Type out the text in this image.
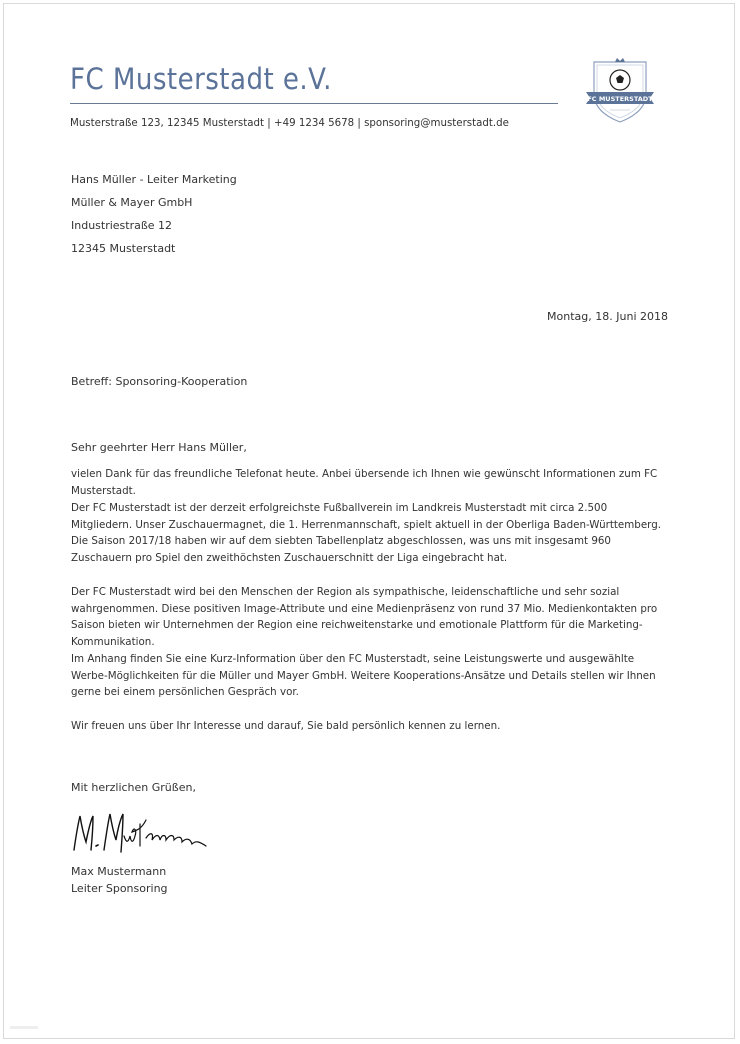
FC Musterstadt e.V.
Musterstraße 123, 12345 Musterstadt | +49 1234 5678 | sponsoring@musterstadt.de
FC MUSTERSTADT
Hans Müller - Leiter Marketing
Müller & Mayer GmbH
Industriestraße 12
12345 Musterstadt
Montag, 18. Juni 2018
Betreff: Sponsoring-Kooperation
Sehr geehrter Herr Hans Müller,

vielen Dank für das freundliche Telefonat heute. Anbei übersende ich Ihnen wie gewünscht Informationen zum FC Musterstadt.

Der FC Musterstadt ist der derzeit erfolgreichste Fußballverein im Landkreis Musterstadt mit circa 2.500 Mitgliedern. Unser Zuschauermagnet, die 1. Herrenmannschaft, spielt aktuell in der Oberliga Baden-Württemberg. Die Saison 2017/18 haben wir auf dem siebten Tabellenplatz abgeschlossen, was uns mit insgesamt 960 Zuschauern pro Spiel den zweithöchsten Zuschauerschnitt der Liga eingebracht hat.

Der FC Musterstadt wird bei den Menschen der Region als sympathische, leidenschaftliche und sehr sozial wahrgenommen. Diese positiven Image-Attribute und eine Medienpräsenz von rund 37 Mio. Medienkontakten pro Saison bieten wir Unternehmen der Region eine reichweitenstarke und emotionale Plattform für die Marketing-Kommunikation.

Im Anhang finden Sie eine Kurz-Information über den FC Musterstadt, seine Leistungswerte und ausgewählte Werbe-Möglichkeiten für die Müller und Mayer GmbH. Weitere Kooperations-Ansätze und Details stellen wir Ihnen gerne bei einem persönlichen Gespräch vor.

Wir freuen uns über Ihr Interesse und darauf, Sie bald persönlich kennen zu lernen.

Mit herzlichen Grüßen,
Max Mustermann
Leiter Sponsoring
